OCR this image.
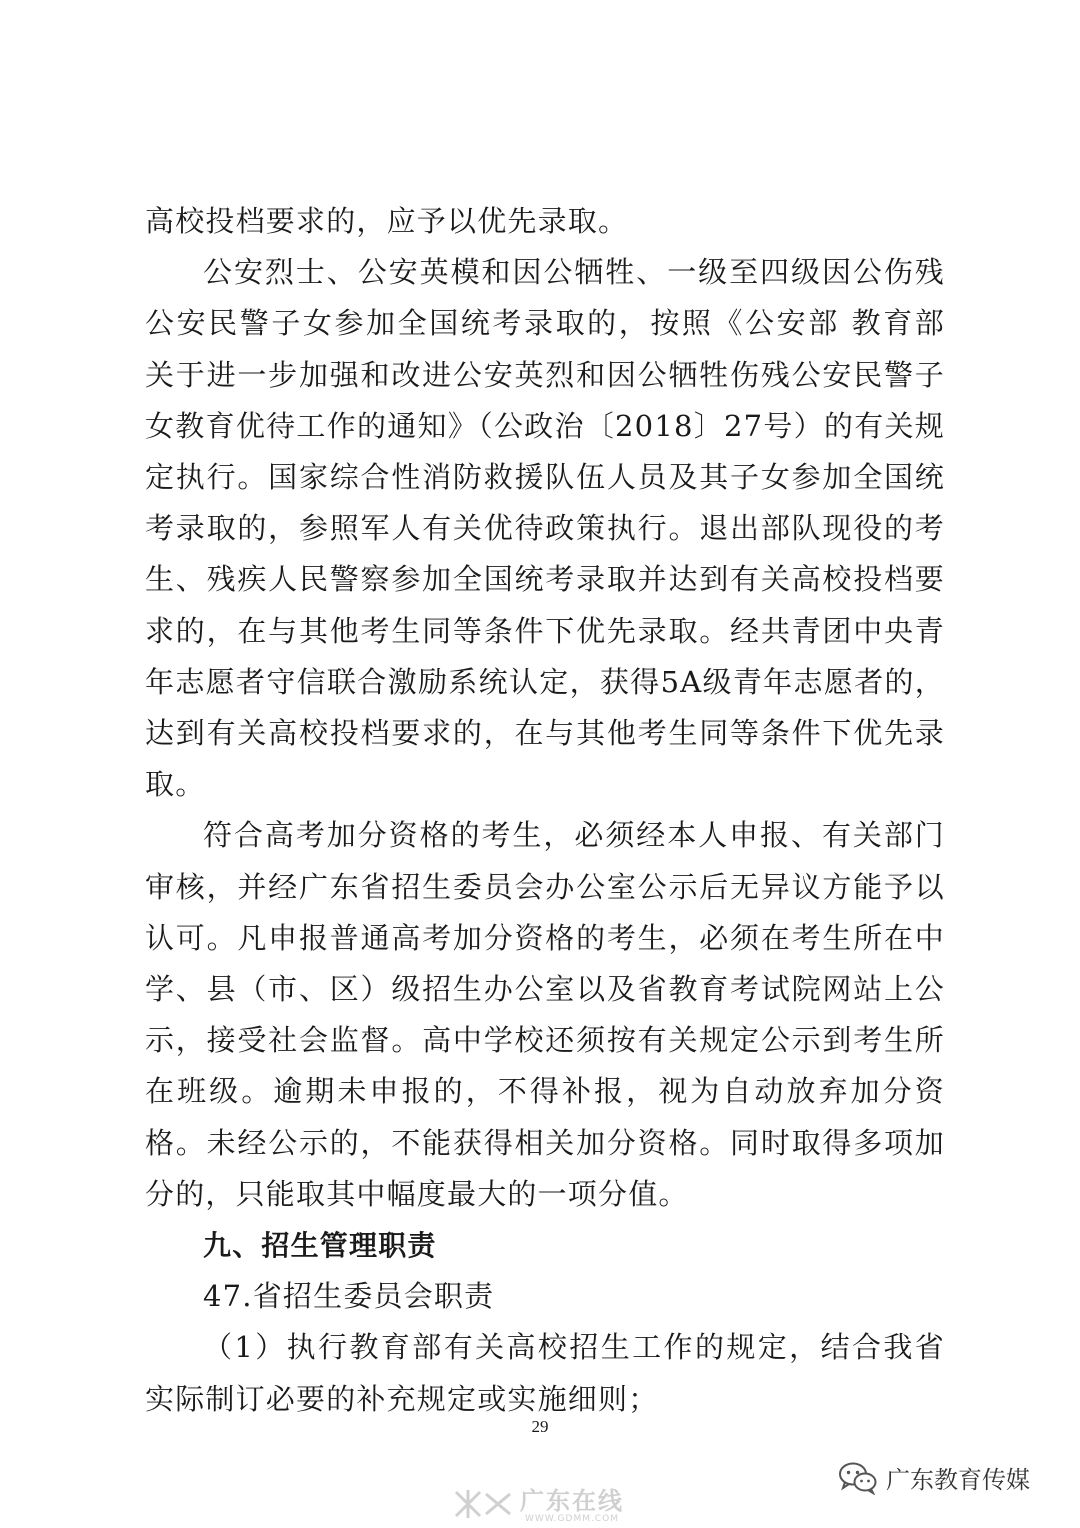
高校投档要求的，应予以优先录取。

公安烈士、公安英模和因公牺牲、一级至四级因公伤残公安民警子女参加全国统考录取的，按照《公安部 教育部 关于进一步加强和改进公安英烈和因公牺牲伤残公安民警子女教育优待工作的通知》（公政治〔2018〕27号）的有关规定执行。国家综合性消防救援队伍人员及其子女参加全国统考录取的，参照军人有关优待政策执行。退出部队现役的考生、残疾人民警察参加全国统考录取并达到有关高校投档要求的，在与其他考生同等条件下优先录取。经共青团中央青年志愿者守信联合激励系统认定，获得5A级青年志愿者的，达到有关高校投档要求的，在与其他考生同等条件下优先录取。

符合高考加分资格的考生，必须经本人申报、有关部门审核，并经广东省招生委员会办公室公示后无异议方能予以认可。凡申报普通高考加分资格的考生，必须在考生所在中学、县（市、区）级招生办公室以及省教育考试院网站上公示，接受社会监督。高中学校还须按有关规定公示到考生所在班级。逾期未申报的，不得补报，视为自动放弃加分资格。未经公示的，不能获得相关加分资格。同时取得多项加分的，只能取其中幅度最大的一项分值。

九、招生管理职责

47.省招生委员会职责

（1）执行教育部有关高校招生工作的规定，结合我省实际制订必要的补充规定或实施细则；

29
广东教育传媒
广东在线
WWW.GDMM.COM
